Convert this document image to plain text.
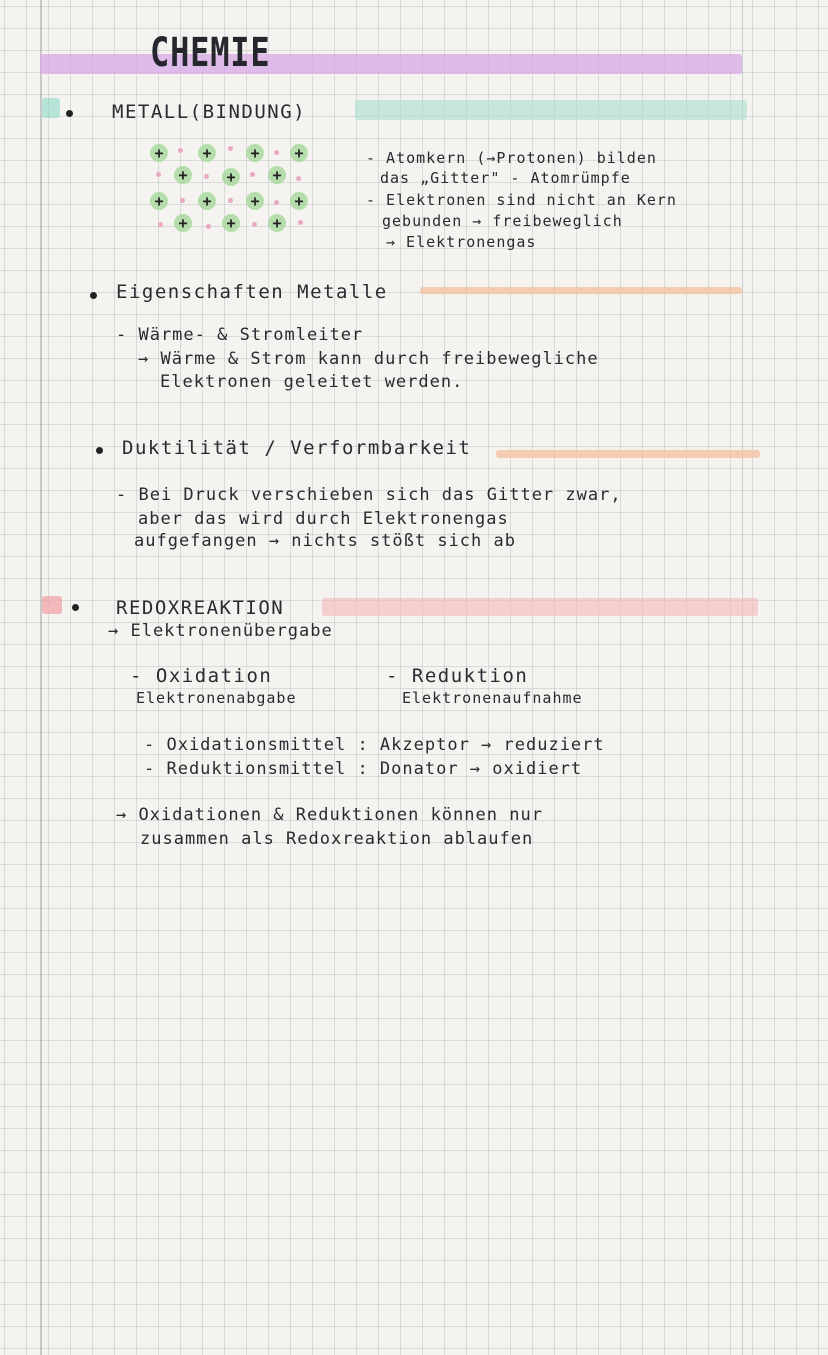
CHEMIE
METALL(BINDUNG)
+	+	+ +
+	+ +
+	+	+ +
+	+ +
- Atomkern (→Protonen) bilden
das „Gitter" - Atomrümpfe
- Elektronen sind nicht an Kern
gebunden → freibeweglich
→ Elektronengas
Eigenschaften Metalle
- Wärme- & Stromleiter
→ Wärme & Strom kann durch freibewegliche
Elektronen geleitet werden.
Duktilität / Verformbarkeit
- Bei Druck verschieben sich das Gitter zwar,
aber das wird durch Elektronengas
aufgefangen → nichts stößt sich ab
REDOXREAKTION
→ Elektronenübergabe
- Oxidation
Elektronenabgabe
- Reduktion
Elektronenaufnahme
- Oxidationsmittel : Akzeptor → reduziert
- Reduktionsmittel : Donator → oxidiert
→ Oxidationen & Reduktionen können nur
zusammen als Redoxreaktion ablaufen
